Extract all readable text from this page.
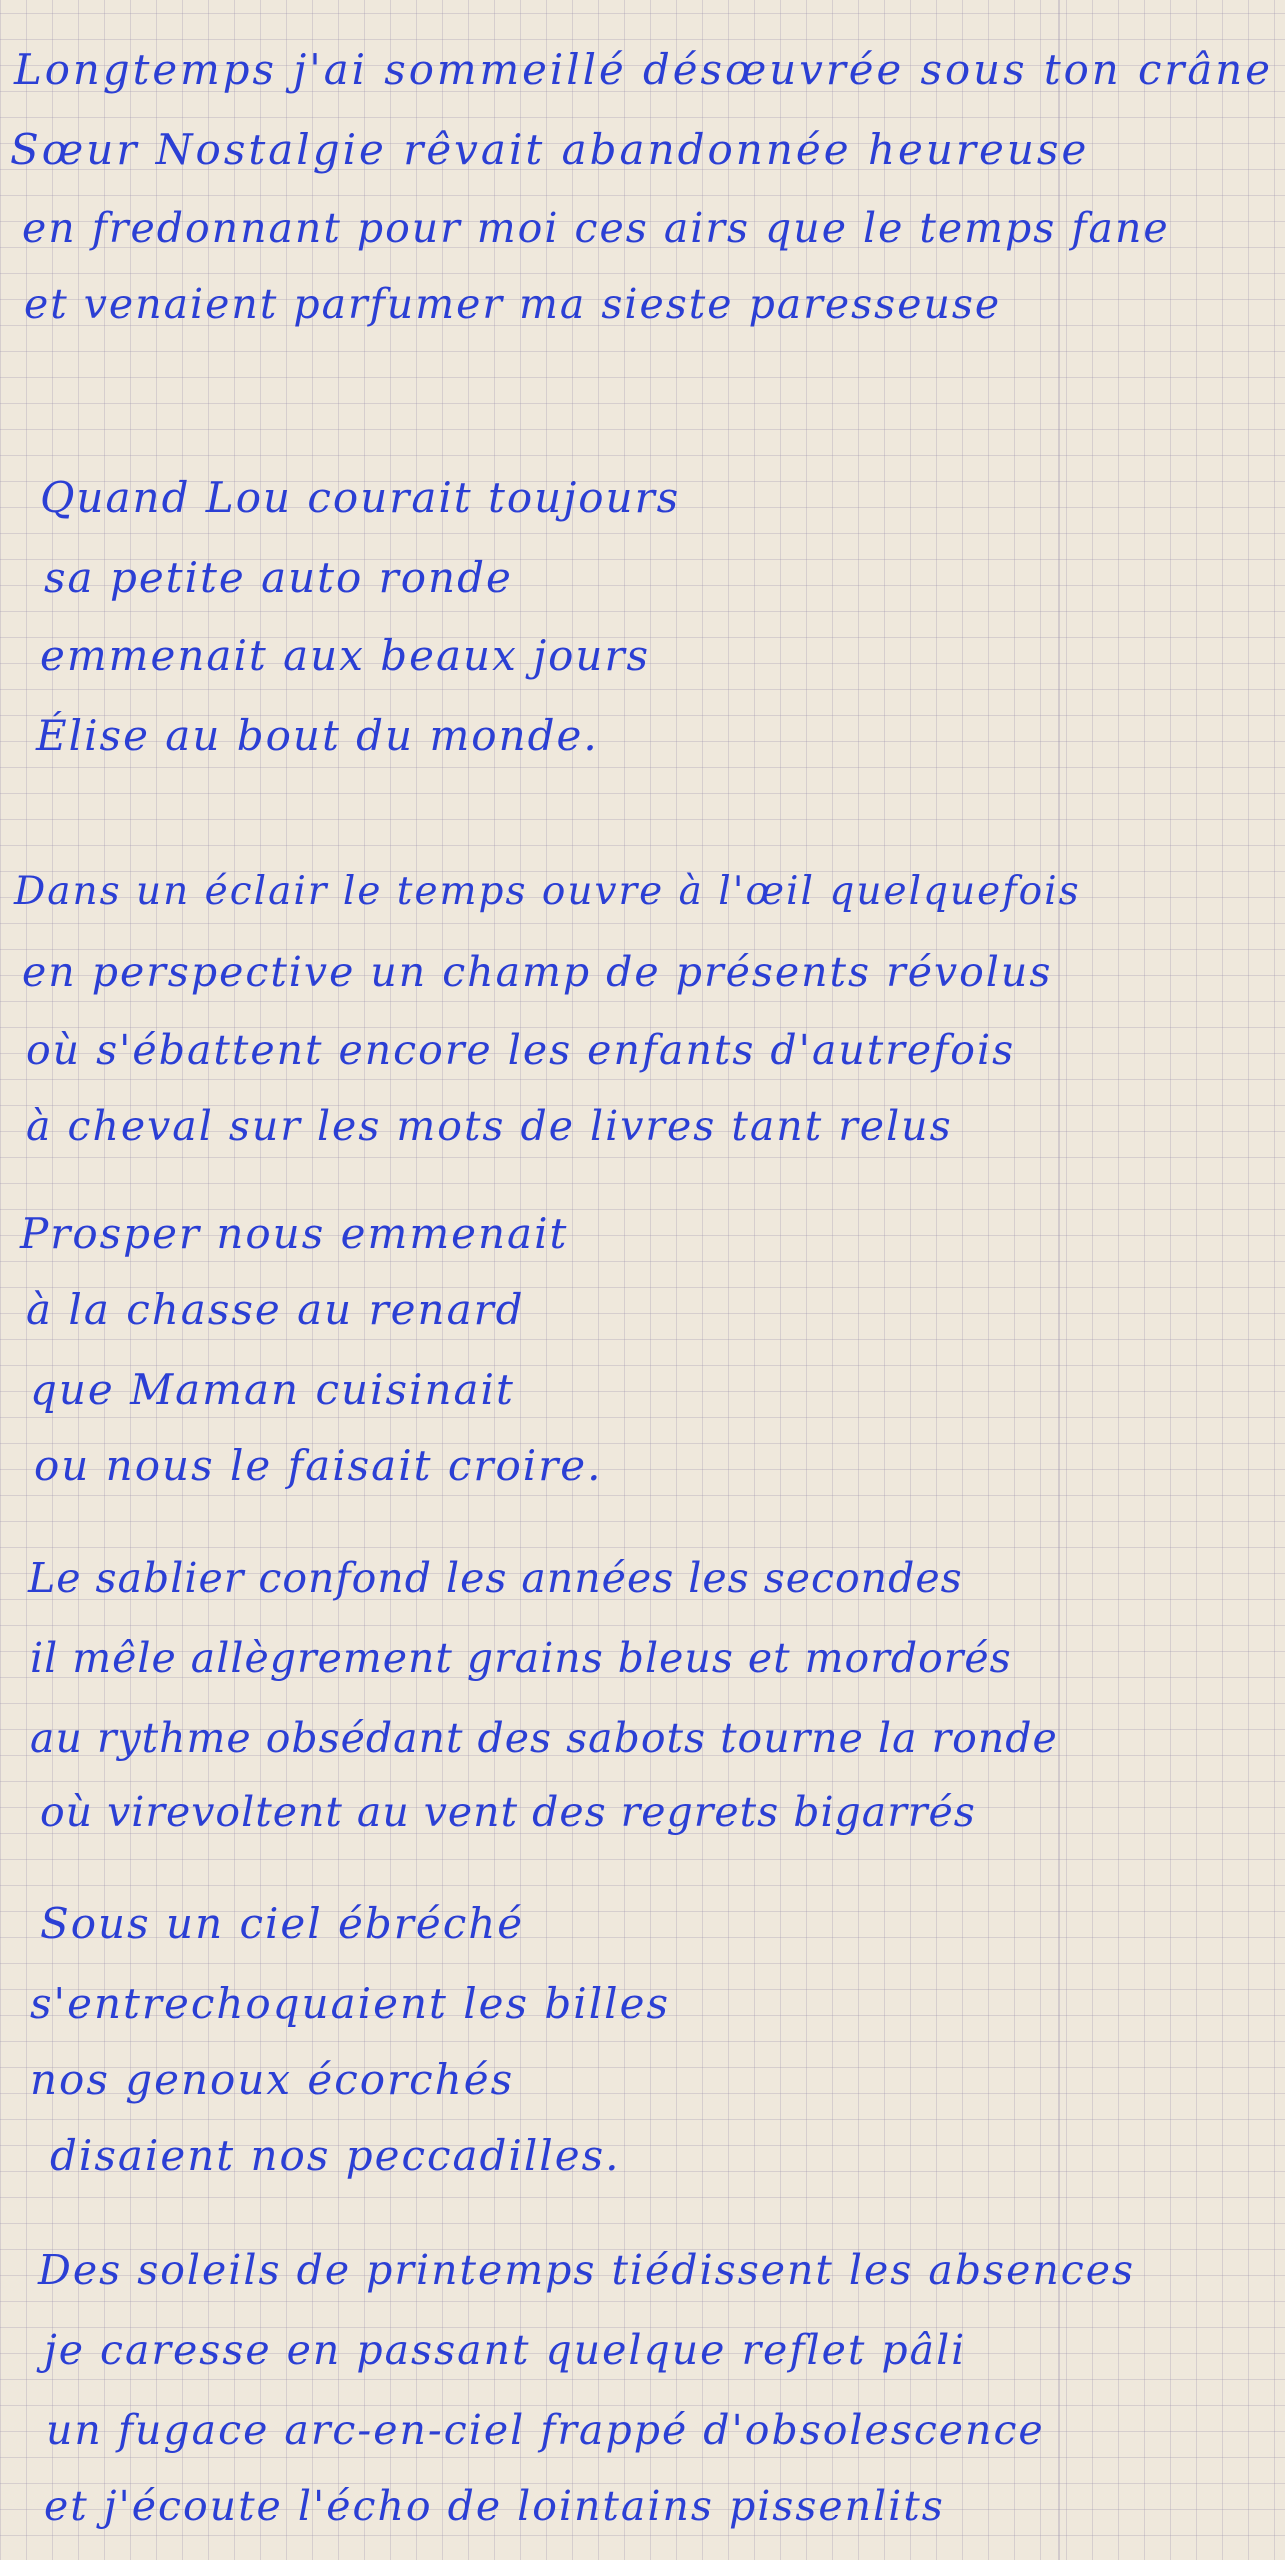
Longtemps j'ai sommeillé désœuvrée sous ton crâne
Sœur Nostalgie rêvait abandonnée heureuse
en fredonnant pour moi ces airs que le temps fane
et venaient parfumer ma sieste paresseuse
Quand Lou courait toujours
sa petite auto ronde
emmenait aux beaux jours
Élise au bout du monde.
Dans un éclair le temps ouvre à l'œil quelquefois
en perspective un champ de présents révolus
où s'ébattent encore les enfants d'autrefois
à cheval sur les mots de livres tant relus
Prosper nous emmenait
à la chasse au renard
que Maman cuisinait
ou nous le faisait croire.
Le sablier confond les années les secondes
il mêle allègrement grains bleus et mordorés
au rythme obsédant des sabots tourne la ronde
où virevoltent au vent des regrets bigarrés
Sous un ciel ébréché
s'entrechoquaient les billes
nos genoux écorchés
disaient nos peccadilles.
Des soleils de printemps tiédissent les absences
je caresse en passant quelque reflet pâli
un fugace arc-en-ciel frappé d'obsolescence
et j'écoute l'écho de lointains pissenlits
